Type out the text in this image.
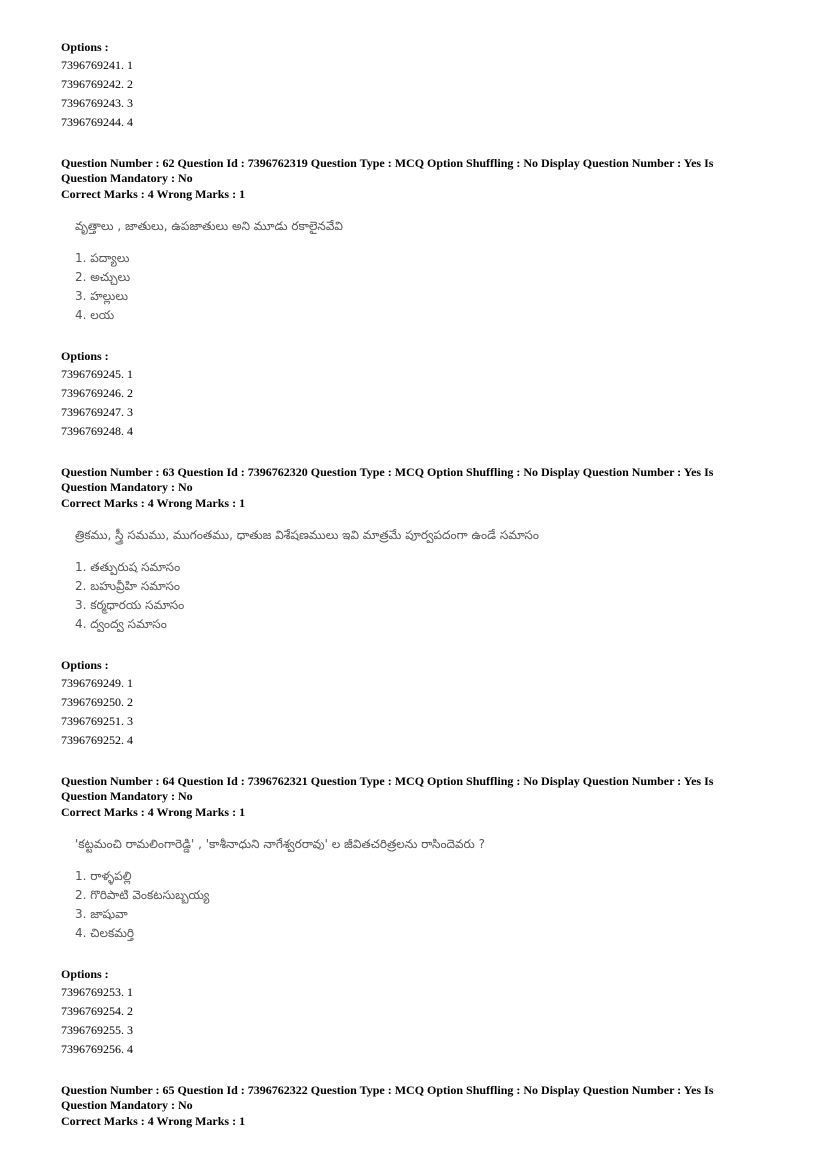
Options :
7396769241. 1
7396769242. 2
7396769243. 3
7396769244. 4
Question Number : 62 Question Id : 7396762319 Question Type : MCQ Option Shuffling : No Display Question Number : Yes Is
Question Mandatory : No
Correct Marks : 4 Wrong Marks : 1
వృత్తాలు , జాతులు, ఉపజాతులు అని మూడు రకాలైనవేవి
1. పద్యాలు
2. అచ్చులు
3. హల్లులు
4. లయ
Options :
7396769245. 1
7396769246. 2
7396769247. 3
7396769248. 4
Question Number : 63 Question Id : 7396762320 Question Type : MCQ Option Shuffling : No Display Question Number : Yes Is
Question Mandatory : No
Correct Marks : 4 Wrong Marks : 1
త్రికము, స్త్రీ సమము, ముగంతము, ధాతుజ విశేషణములు ఇవి మాత్రమే పూర్వపదంగా ఉండే సమాసం
1. తత్పురుష సమాసం
2. బహువ్రీహి సమాసం
3. కర్మధారయ సమాసం
4. ద్వంద్వ సమాసం
Options :
7396769249. 1
7396769250. 2
7396769251. 3
7396769252. 4
Question Number : 64 Question Id : 7396762321 Question Type : MCQ Option Shuffling : No Display Question Number : Yes Is
Question Mandatory : No
Correct Marks : 4 Wrong Marks : 1
'కట్టమంచి రామలింగారెడ్డి' , 'కాశీనాధుని నాగేశ్వరరావు' ల జీవితచరిత్రలను రాసిందెవరు ?
1. రాళ్ళపల్లి
2. గొరిపాటి వెంకటసుబ్బయ్య
3. జాషువా
4. చిలకమర్తి
Options :
7396769253. 1
7396769254. 2
7396769255. 3
7396769256. 4
Question Number : 65 Question Id : 7396762322 Question Type : MCQ Option Shuffling : No Display Question Number : Yes Is
Question Mandatory : No
Correct Marks : 4 Wrong Marks : 1
